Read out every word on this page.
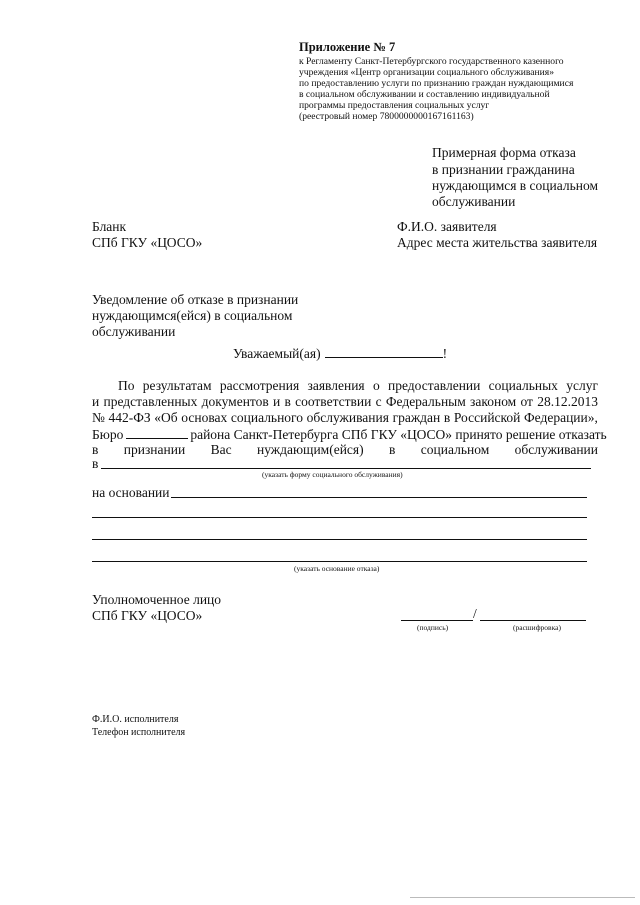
Приложение № 7
к Регламенту Санкт-Петербургского государственного казенного
учреждения «Центр организации социального обслуживания»
по предоставлению услуги по признанию граждан нуждающимися
в социальном обслуживании и составлению индивидуальной
программы предоставления социальных услуг
(реестровый номер 7800000000167161163)
Примерная форма отказа
в признании гражданина
нуждающимся в социальном
обслуживании
Бланк
СПб ГКУ «ЦОСО»
Ф.И.О. заявителя
Адрес места жительства заявителя
Уведомление об отказе в признании
нуждающимся(ейся) в социальном
обслуживании
Уважаемый(ая)	!
По результатам рассмотрения заявления о предоставлении социальных услуг
и представленных документов и в соответствии с Федеральным законом от 28.12.2013
№ 442-ФЗ «Об основах социального обслуживания граждан в Российской Федерации»,
Бюро	района Санкт-Петербурга СПб ГКУ «ЦОСО» принято решение отказать
в признании Вас нуждающим(ейся) в социальном обслуживании
в
(указать форму социального обслуживания)
на основании
(указать основание отказа)
Уполномоченное лицо
СПб ГКУ «ЦОСО»	/
(подпись)	(расшифровка)
Ф.И.О. исполнителя
Телефон исполнителя
